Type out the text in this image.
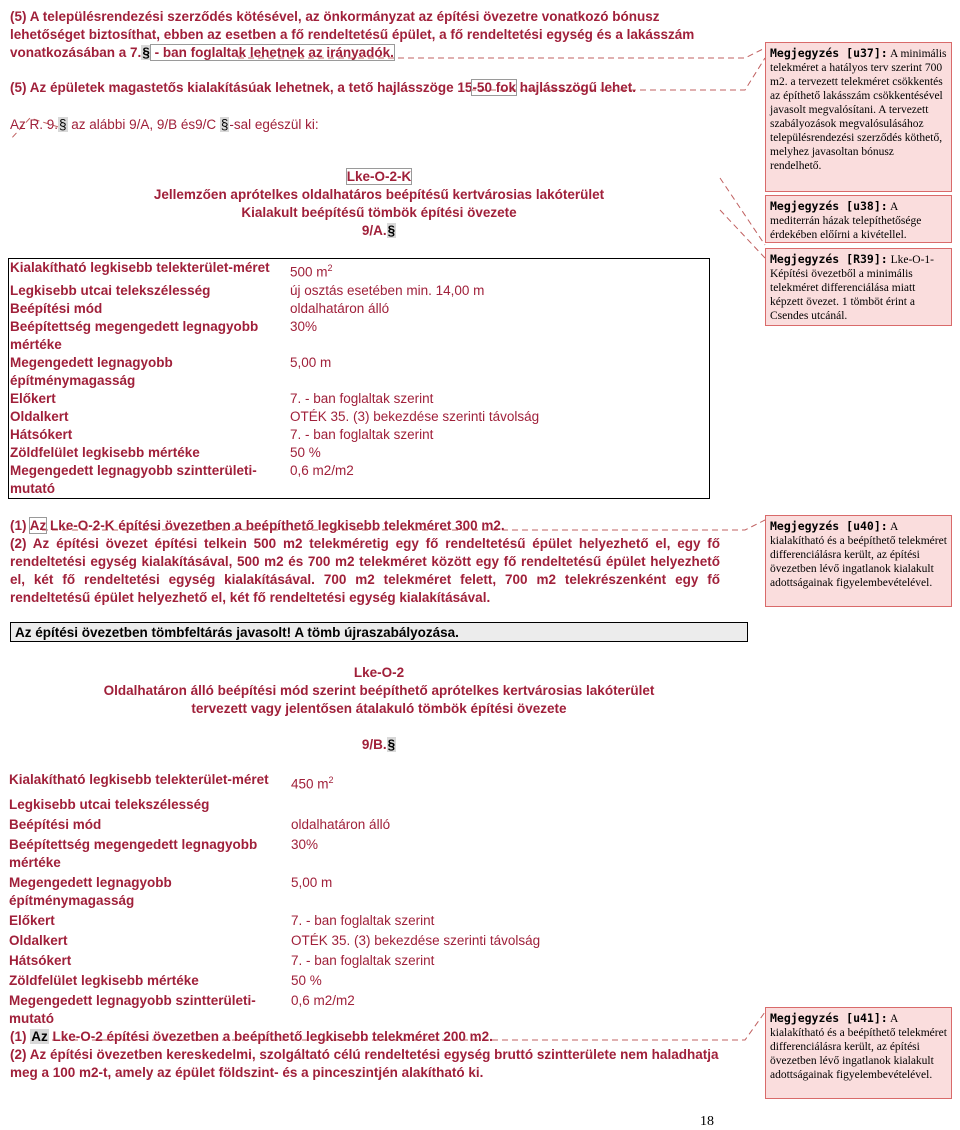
(5) A településrendezési szerződés kötésével, az önkormányzat az építési övezetre vonatkozó bónusz lehetőséget biztosíthat, ebben az esetben a fő rendeltetésű épület, a fő rendeltetési egység és a lakásszám vonatkozásában a 7.§ - ban foglaltak lehetnek az irányadók.

(5) Az épületek magastetős kialakításúak lehetnek, a tető hajlásszöge 15-50 fok hajlásszögű lehet.

Az R. 9.§ az alábbi 9/A, 9/B és9/C §-sal egészül ki:

Lke-O-2-K
Jellemzően aprótelkes oldalhatáros beépítésű kertvárosias lakóterület
Kialakult beépítésű tömbök építési övezete
9/A.§
Kialakítható legkisebb telekterület-méret	500 $m^2$
Legkisebb utcai telekszélesség	új osztás esetében min. 14,00 m
Beépítési mód	oldalhatáron álló
Beépítettség megengedett legnagyobb mértéke	30%
Megengedett legnagyobb építménymagasság	5,00 m
Előkert	7. - ban foglaltak szerint
Oldalkert	OTÉK 35. (3) bekezdése szerinti távolság
Hátsókert	7. - ban foglaltak szerint
Zöldfelület legkisebb mértéke	50 %
Megengedett legnagyobb szintterületi-mutató	0,6 m2/m2

(1) Az Lke-O-2-K építési övezetben a beépíthető legkisebb telekméret 300 m2.

(2) Az építési övezet építési telkein 500 m2 telekméretig egy fő rendeltetésű épület helyezhető el, egy fő rendeltetési egység kialakításával, 500 m2 és 700 m2 telekméret között egy fő rendeltetésű épület helyezhető el, két fő rendeltetési egység kialakításával. 700 m2 telekméret felett, 700 m2 telekrészenként egy fő rendeltetésű épület helyezhető el, két fő rendeltetési egység kialakításával.

Az építési övezetben tömbfeltárás javasolt! A tömb újraszabályozása.
Lke-O-2
Oldalhatáron álló beépítési mód szerint beépíthető aprótelkes kertvárosias lakóterület
tervezett vagy jelentősen átalakuló tömbök építési övezete
9/B.§
Kialakítható legkisebb telekterület-méret	450 $m^2$
Legkisebb utcai telekszélesség	
Beépítési mód	oldalhatáron álló
Beépítettség megengedett legnagyobb mértéke	30%
Megengedett legnagyobb építménymagasság	5,00 m
Előkert	7. - ban foglaltak szerint
Oldalkert	OTÉK 35. (3) bekezdése szerinti távolság
Hátsókert	7. - ban foglaltak szerint
Zöldfelület legkisebb mértéke	50 %
Megengedett legnagyobb szintterületi-mutató	0,6 m2/m2

(1) Az Lke-O-2 építési övezetben a beépíthető legkisebb telekméret 200 m2.

(2) Az építési övezetben kereskedelmi, szolgáltató célú rendeltetési egység bruttó szintterülete nem haladhatja meg a 100 m2-t, amely az épület földszint- és a pinceszintjén alakítható ki.

Megjegyzés [u37]: A minimális telekméret a hatályos terv szerint 700 m2. a tervezett telekméret csökkentés az építhető lakásszám csökkentésével javasolt megvalósítani. A tervezett szabályozások megvalósulásához településrendezési szerződés köthető, melyhez javasoltan bónusz rendelhető.
Megjegyzés [u38]: A mediterrán házak telepíthetősége érdekében előírni a kivétellel.
Megjegyzés [R39]: Lke-O-1-Képítési övezetből a minimális telekméret differenciálása miatt képzett övezet. 1 tömböt érint a Csendes utcánál.
Megjegyzés [u40]: A kialakítható és a beépíthető telekméret differenciálásra került, az építési övezetben lévő ingatlanok kialakult adottságainak figyelembevételével.
Megjegyzés [u41]: A kialakítható és a beépíthető telekméret differenciálásra került, az építési övezetben lévő ingatlanok kialakult adottságainak figyelembevételével.
18
